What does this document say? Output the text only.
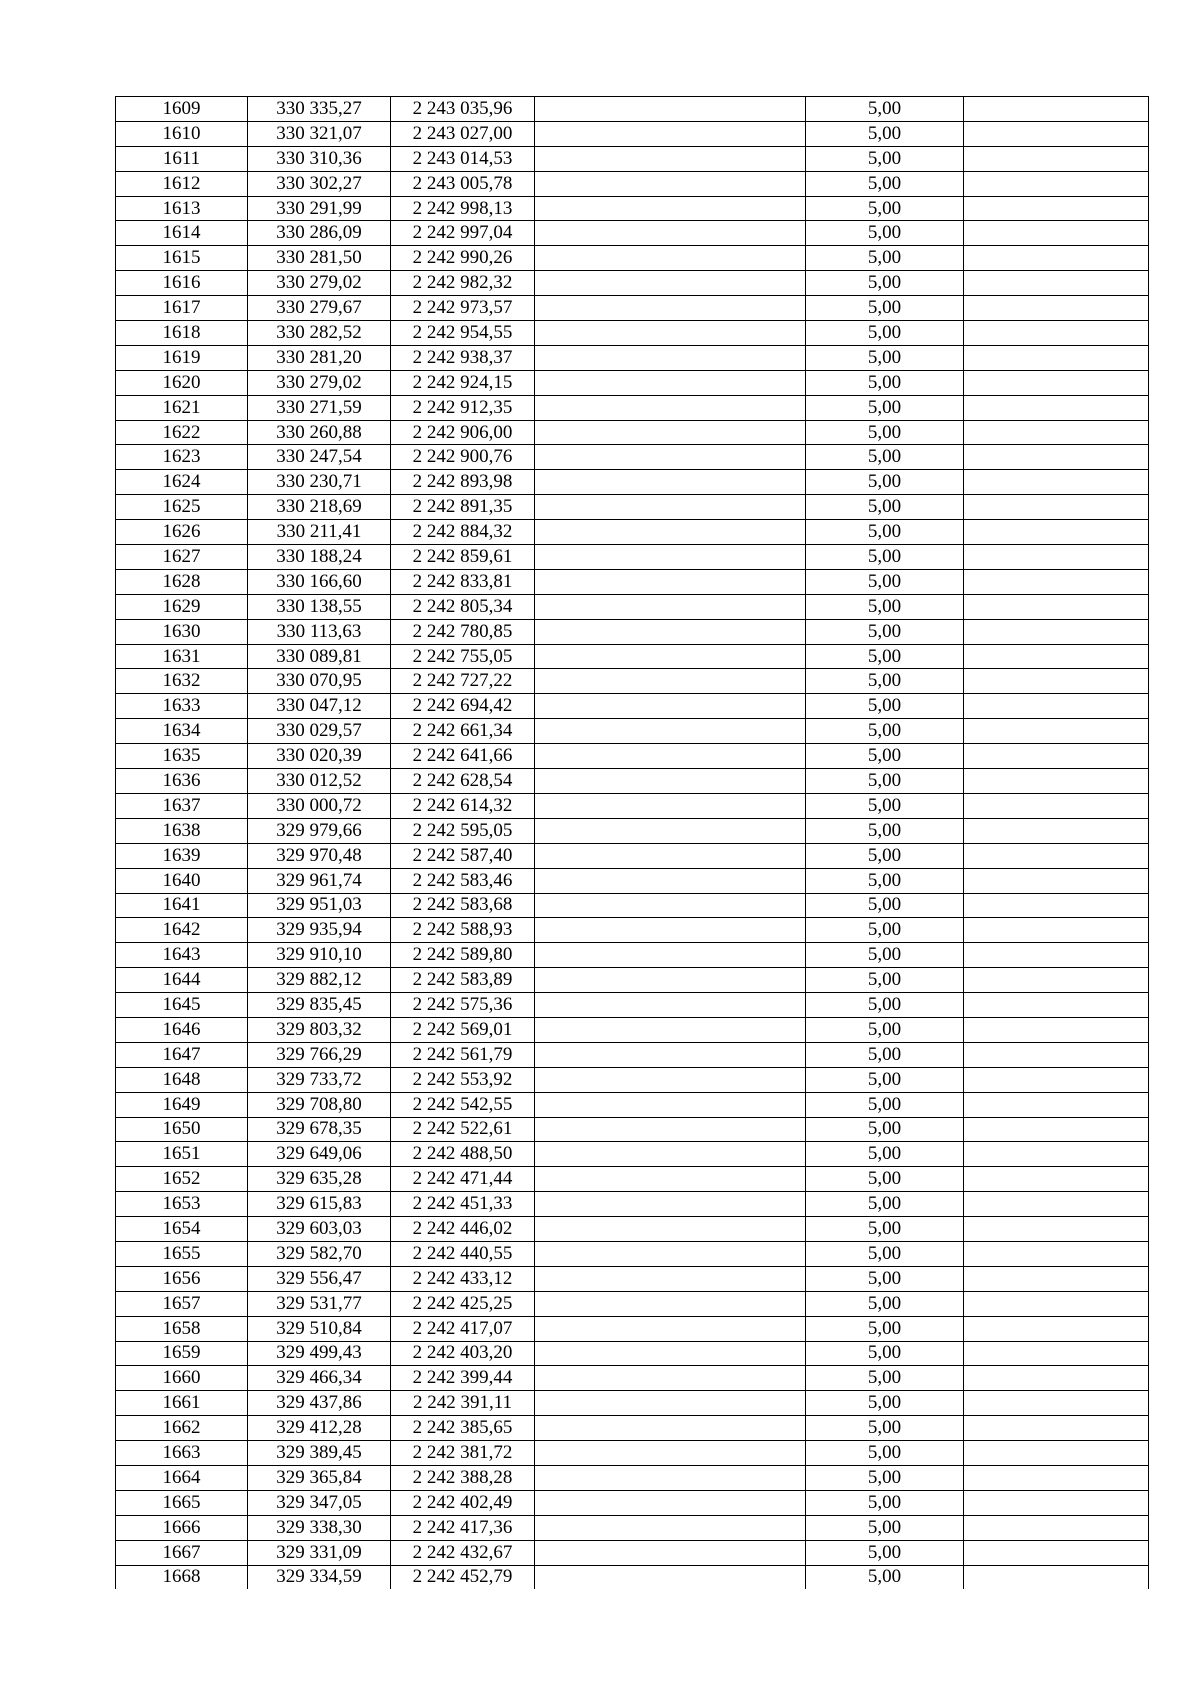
1609	330 335,27	2 243 035,96		5,00	
1610	330 321,07	2 243 027,00		5,00	
1611	330 310,36	2 243 014,53		5,00	
1612	330 302,27	2 243 005,78		5,00	
1613	330 291,99	2 242 998,13		5,00	
1614	330 286,09	2 242 997,04		5,00	
1615	330 281,50	2 242 990,26		5,00	
1616	330 279,02	2 242 982,32		5,00	
1617	330 279,67	2 242 973,57		5,00	
1618	330 282,52	2 242 954,55		5,00	
1619	330 281,20	2 242 938,37		5,00	
1620	330 279,02	2 242 924,15		5,00	
1621	330 271,59	2 242 912,35		5,00	
1622	330 260,88	2 242 906,00		5,00	
1623	330 247,54	2 242 900,76		5,00	
1624	330 230,71	2 242 893,98		5,00	
1625	330 218,69	2 242 891,35		5,00	
1626	330 211,41	2 242 884,32		5,00	
1627	330 188,24	2 242 859,61		5,00	
1628	330 166,60	2 242 833,81		5,00	
1629	330 138,55	2 242 805,34		5,00	
1630	330 113,63	2 242 780,85		5,00	
1631	330 089,81	2 242 755,05		5,00	
1632	330 070,95	2 242 727,22		5,00	
1633	330 047,12	2 242 694,42		5,00	
1634	330 029,57	2 242 661,34		5,00	
1635	330 020,39	2 242 641,66		5,00	
1636	330 012,52	2 242 628,54		5,00	
1637	330 000,72	2 242 614,32		5,00	
1638	329 979,66	2 242 595,05		5,00	
1639	329 970,48	2 242 587,40		5,00	
1640	329 961,74	2 242 583,46		5,00	
1641	329 951,03	2 242 583,68		5,00	
1642	329 935,94	2 242 588,93		5,00	
1643	329 910,10	2 242 589,80		5,00	
1644	329 882,12	2 242 583,89		5,00	
1645	329 835,45	2 242 575,36		5,00	
1646	329 803,32	2 242 569,01		5,00	
1647	329 766,29	2 242 561,79		5,00	
1648	329 733,72	2 242 553,92		5,00	
1649	329 708,80	2 242 542,55		5,00	
1650	329 678,35	2 242 522,61		5,00	
1651	329 649,06	2 242 488,50		5,00	
1652	329 635,28	2 242 471,44		5,00	
1653	329 615,83	2 242 451,33		5,00	
1654	329 603,03	2 242 446,02		5,00	
1655	329 582,70	2 242 440,55		5,00	
1656	329 556,47	2 242 433,12		5,00	
1657	329 531,77	2 242 425,25		5,00	
1658	329 510,84	2 242 417,07		5,00	
1659	329 499,43	2 242 403,20		5,00	
1660	329 466,34	2 242 399,44		5,00	
1661	329 437,86	2 242 391,11		5,00	
1662	329 412,28	2 242 385,65		5,00	
1663	329 389,45	2 242 381,72		5,00	
1664	329 365,84	2 242 388,28		5,00	
1665	329 347,05	2 242 402,49		5,00	
1666	329 338,30	2 242 417,36		5,00	
1667	329 331,09	2 242 432,67		5,00	
1668	329 334,59	2 242 452,79		5,00	
